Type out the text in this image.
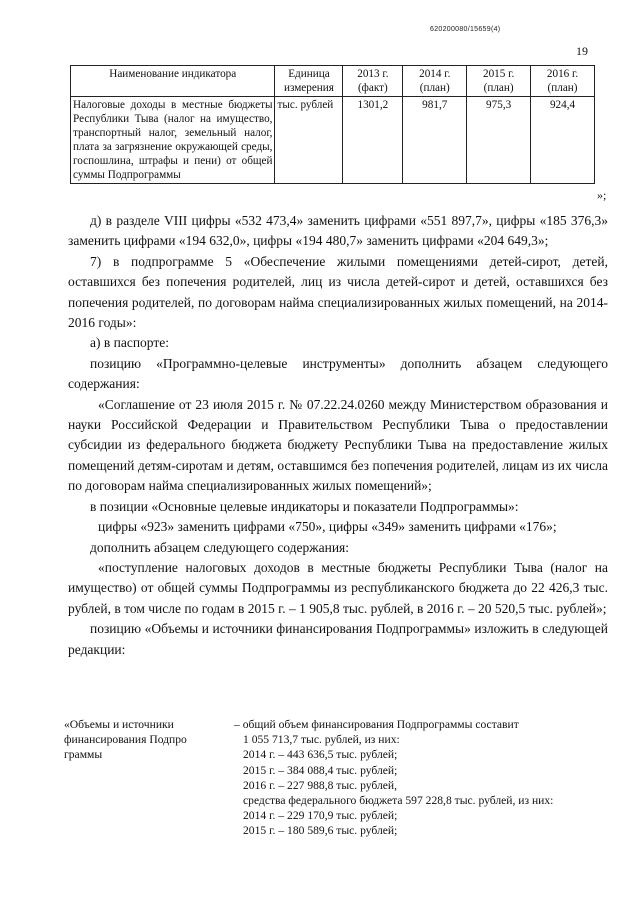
620200080/15659(4)
19
Наименование индикатора	Единица измерения	2013 г. (факт)	2014 г. (план)	2015 г. (план)	2016 г. (план)
Налоговые доходы в местные бюджеты Республики Тыва (налог на имущество, транспортный налог, земельный налог, плата за загрязнение окружающей среды, госпошлина, штрафы и пени) от общей суммы Подпрограммы	тыс. рублей	1301,2	981,7	975,3	924,4
»;

д) в разделе VIII цифры «532 473,4» заменить цифрами «551 897,7», цифры «185 376,3» заменить цифрами «194 632,0», цифры «194 480,7» заменить цифрами «204 649,3»;

7) в подпрограмме 5 «Обеспечение жилыми помещениями детей-сирот, детей, оставшихся без попечения родителей, лиц из числа детей-сирот и детей, оставшихся без попечения родителей, по договорам найма специализированных жилых помещений, на 2014-2016 годы»:

а) в паспорте:

позицию «Программно-целевые инструменты» дополнить абзацем следующего содержания:

«Соглашение от 23 июля 2015 г. № 07.22.24.0260 между Министерством образования и науки Российской Федерации и Правительством Республики Тыва о предоставлении субсидии из федерального бюджета бюджету Республики Тыва на предоставление жилых помещений детям-сиротам и детям, оставшимся без попечения родителей, лицам из их числа по договорам найма специализированных жилых помещений»;

в позиции «Основные целевые индикаторы и показатели Подпрограммы»:

цифры «923» заменить цифрами «750», цифры «349» заменить цифрами «176»;

дополнить абзацем следующего содержания:

«поступление налоговых доходов в местные бюджеты Республики Тыва (налог на имущество) от общей суммы Подпрограммы из республиканского бюджета до 22 426,3 тыс. рублей, в том числе по годам в 2015 г. – 1 905,8 тыс. рублей, в 2016 г. – 20 520,5 тыс. рублей»;

позицию «Объемы и источники финансирования Подпрограммы» изложить в следующей редакции:

«Объемы и источники финансирования Подпро граммы
– общий объем финансирования Подпрограммы составит
1 055 713,7 тыс. рублей, из них:
2014 г. – 443 636,5 тыс. рублей;
2015 г. – 384 088,4 тыс. рублей;
2016 г. – 227 988,8 тыс. рублей,
средства федерального бюджета 597 228,8 тыс. рублей, из них:
2014 г. – 229 170,9 тыс. рублей;
2015 г. – 180 589,6 тыс. рублей;
